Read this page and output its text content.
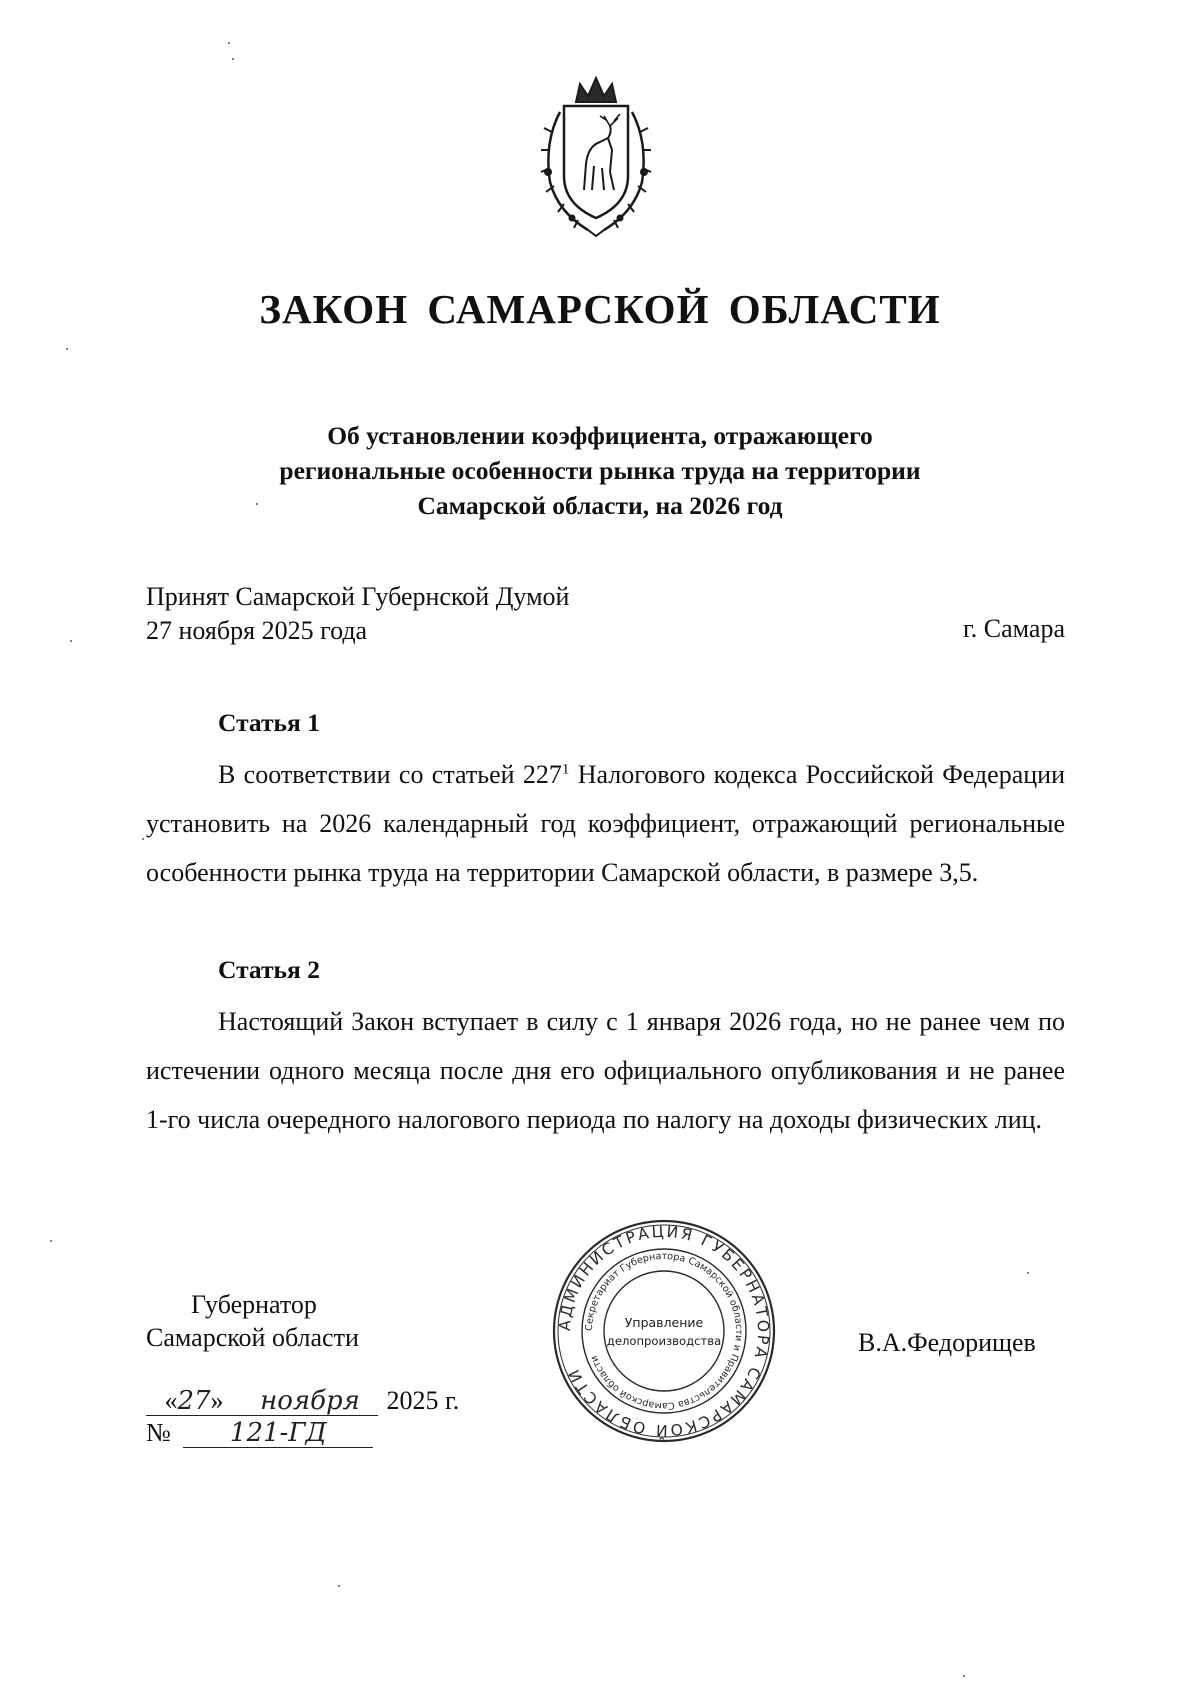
ЗАКОН САМАРСКОЙ ОБЛАСТИ
Об установлении коэффициента, отражающего
региональные особенности рынка труда на территории
Самарской области, на 2026 год
Принят Самарской Губернской Думой
27 ноября 2025 года	г. Самара
Статья 1

В соответствии со статьей $227^1$ Налогового кодекса Российской Федерации установить на 2026 календарный год коэффициент, отражающий региональные особенности рынка труда на территории Самарской области, в размере 3,5.

Статья 2

Настоящий Закон вступает в силу с 1 января 2026 года, но не ранее чем по истечении одного месяца после дня его официального опубликования и не ранее 1-го числа очередного налогового периода по налогу на доходы физических лиц.

Губернатор
Самарской области
«27» ноября 2025 г.
№ 121-ГД
АДМИНИСТРАЦИЯ ГУБЕРНАТОРА САМАРСКОЙ ОБЛАСТИ
Секретариат Губернатора Самарской области и Правительства Самарской области
Управление
делопроизводства	В.А.Федорищев
